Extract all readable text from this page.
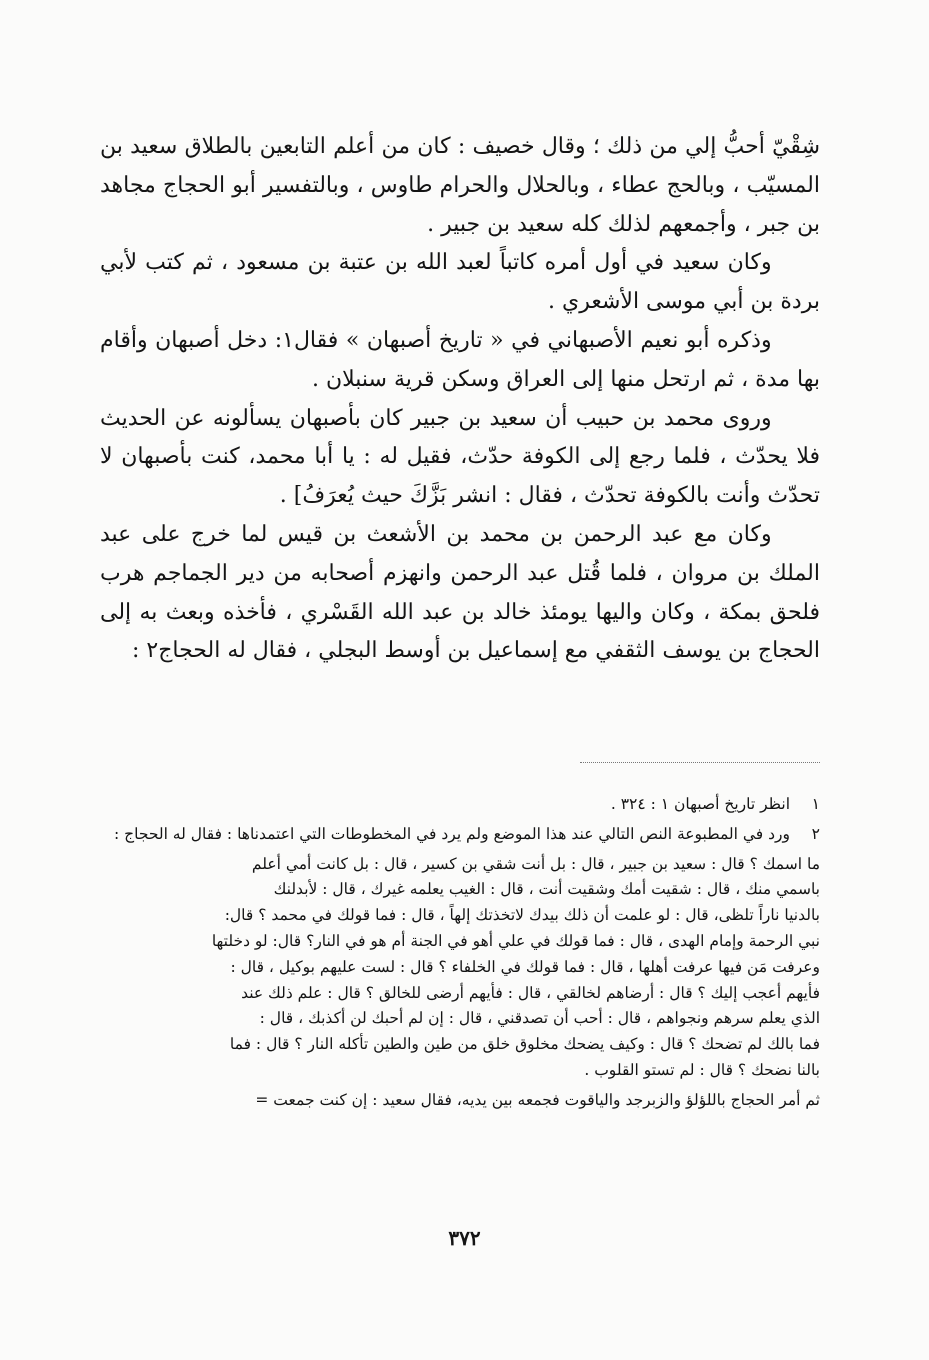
شِقْيّ أحبُّ إلي من ذلك ؛ وقال خصيف : كان من أعلم التابعين بالطلاق سعيد بن المسيّب ، وبالحج عطاء ، وبالحلال والحرام طاوس ، وبالتفسير أبو الحجاج مجاهد بن جبر ، وأجمعهم لذلك كله سعيد بن جبير .

وكان سعيد في أول أمره كاتباً لعبد الله بن عتبة بن مسعود ، ثم كتب لأبي بردة بن أبي موسى الأشعري .

وذكره أبو نعيم الأصبهاني في « تاريخ أصبهان » فقال١: دخل أصبهان وأقام بها مدة ، ثم ارتحل منها إلى العراق وسكن قرية سنبلان .

وروى محمد بن حبيب أن سعيد بن جبير كان بأصبهان يسألونه عن الحديث فلا يحدّث ، فلما رجع إلى الكوفة حدّث، فقيل له : يا أبا محمد، كنت بأصبهان لا تحدّث وأنت بالكوفة تحدّث ، فقال : انشر بَزَّكَ حيث يُعرَفُ] .

وكان مع عبد الرحمن بن محمد بن الأشعث بن قيس لما خرج على عبد الملك بن مروان ، فلما قُتل عبد الرحمن وانهزم أصحابه من دير الجماجم هرب فلحق بمكة ، وكان واليها يومئذ خالد بن عبد الله القَسْري ، فأخذه وبعث به إلى الحجاج بن يوسف الثقفي مع إسماعيل بن أوسط البجلي ، فقال له الحجاج٢ :

١
انظر تاريخ أصبهان ١ : ٣٢٤ .
٢
ورد في المطبوعة النص التالي عند هذا الموضع ولم يرد في المخطوطات التي اعتمدناها : فقال له الحجاج :

ما اسمك ؟ قال : سعيد بن جبير ، قال : بل أنت شقي بن كسير ، قال : بل كانت أمي أعلم

باسمي منك ، قال : شقيت أمك وشقيت أنت ، قال : الغيب يعلمه غيرك ، قال : لأبدلنك

بالدنيا ناراً تلظى، قال : لو علمت أن ذلك بيدك لاتخذتك إلهاً ، قال : فما قولك في محمد ؟ قال:

نبي الرحمة وإمام الهدى ، قال : فما قولك في علي أهو في الجنة أم هو في النار؟ قال: لو دخلتها

وعرفت مَن فيها عرفت أهلها ، قال : فما قولك في الخلفاء ؟ قال : لست عليهم بوكيل ، قال :

فأيهم أعجب إليك ؟ قال : أرضاهم لخالقي ، قال : فأيهم أرضى للخالق ؟ قال : علم ذلك عند

الذي يعلم سرهم ونجواهم ، قال : أحب أن تصدقني ، قال : إن لم أحبك لن أكذبك ، قال :

فما بالك لم تضحك ؟ قال : وكيف يضحك مخلوق خلق من طين والطين تأكله النار ؟ قال : فما

بالنا نضحك ؟ قال : لم تستو القلوب .

ثم أمر الحجاج باللؤلؤ والزبرجد والياقوت فجمعه بين يديه، فقال سعيد : إن كنت جمعت =

٣٧٢
